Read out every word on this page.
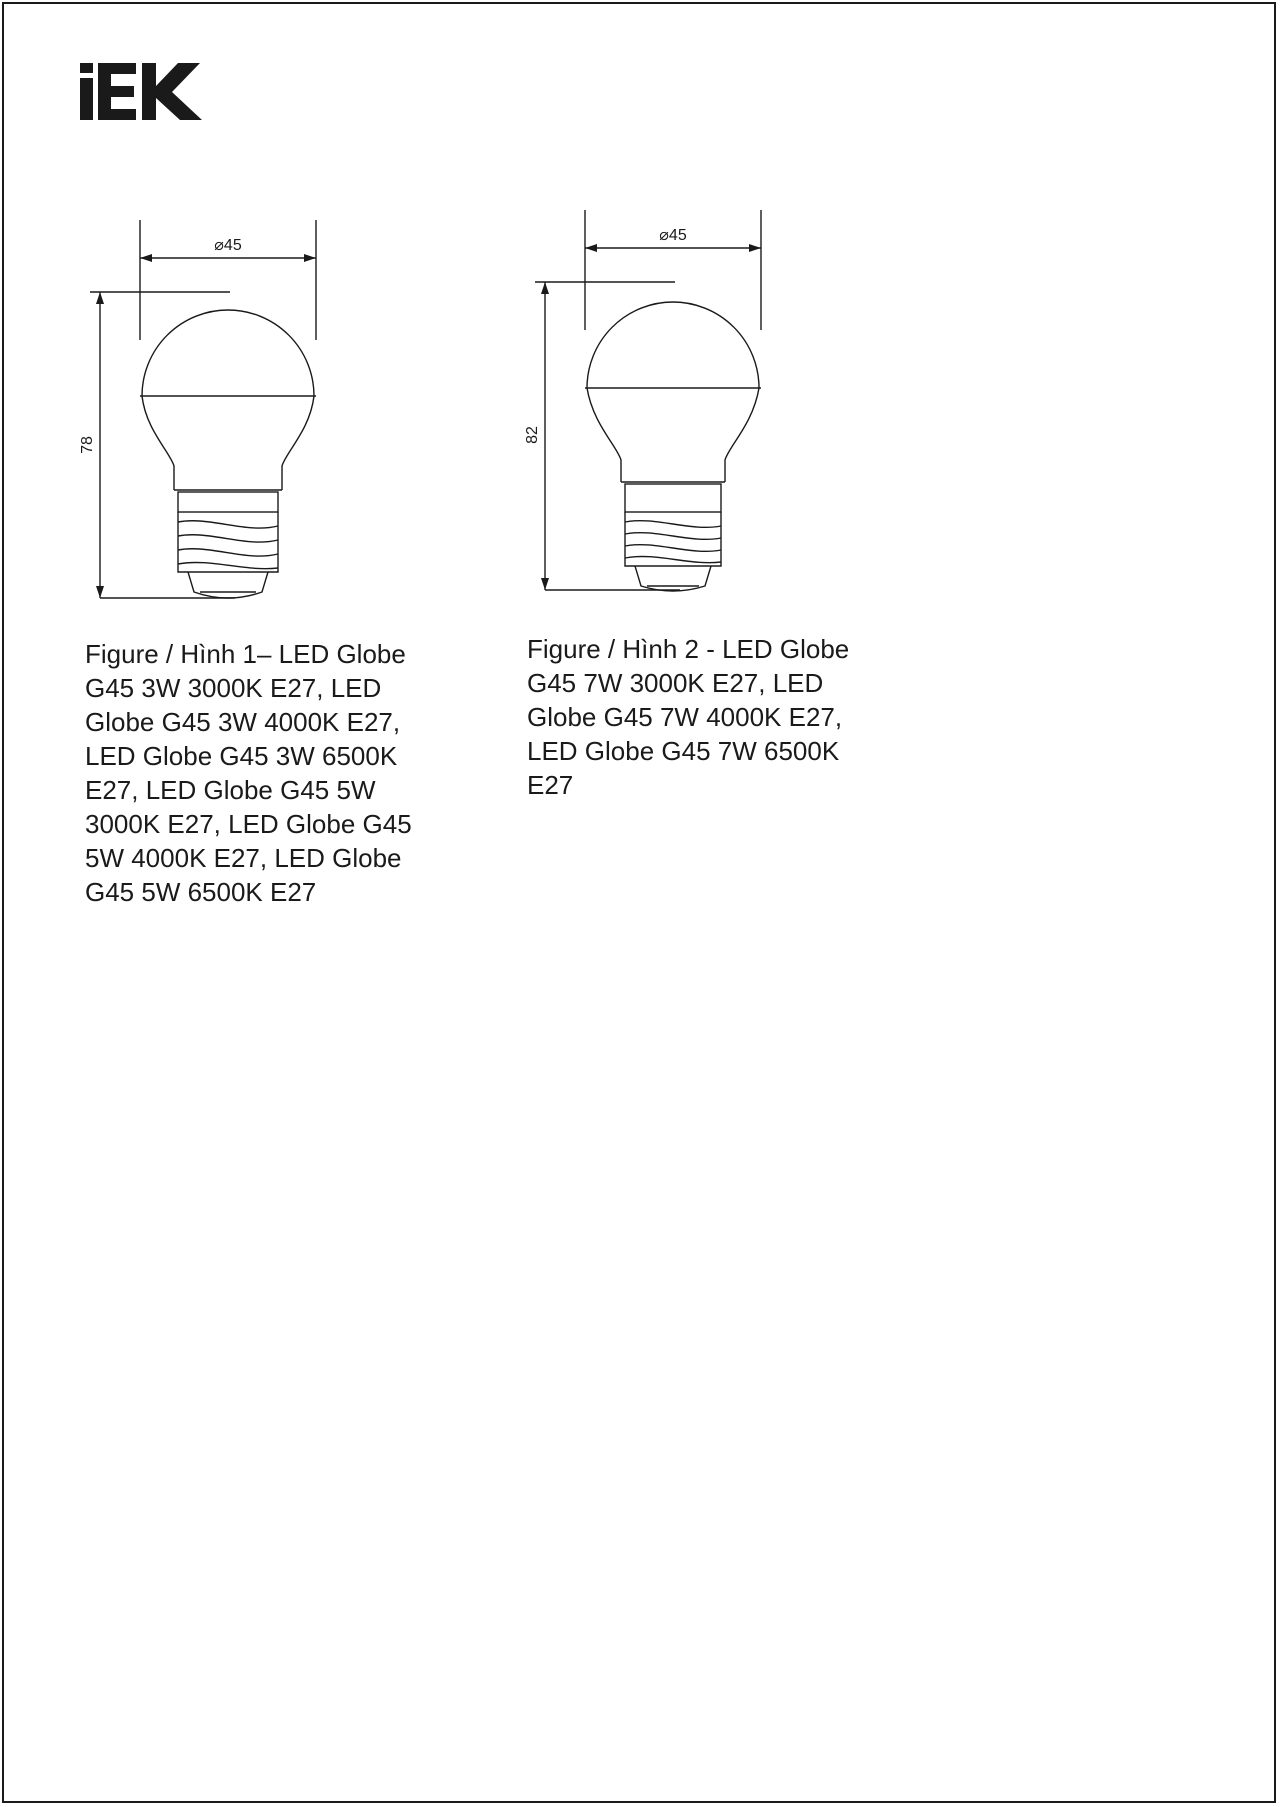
⌀45
78
⌀45
82

Figure / Hình 1– LED Globe G45 3W 3000K E27, LED Globe G45 3W 4000K E27, LED Globe G45 3W 6500K E27, LED Globe G45 5W 3000K E27, LED Globe G45 5W 4000K E27, LED Globe G45 5W 6500K E27

Figure / Hình 2 - LED Globe G45 7W 3000K E27, LED Globe G45 7W 4000K E27, LED Globe G45 7W 6500K E27
